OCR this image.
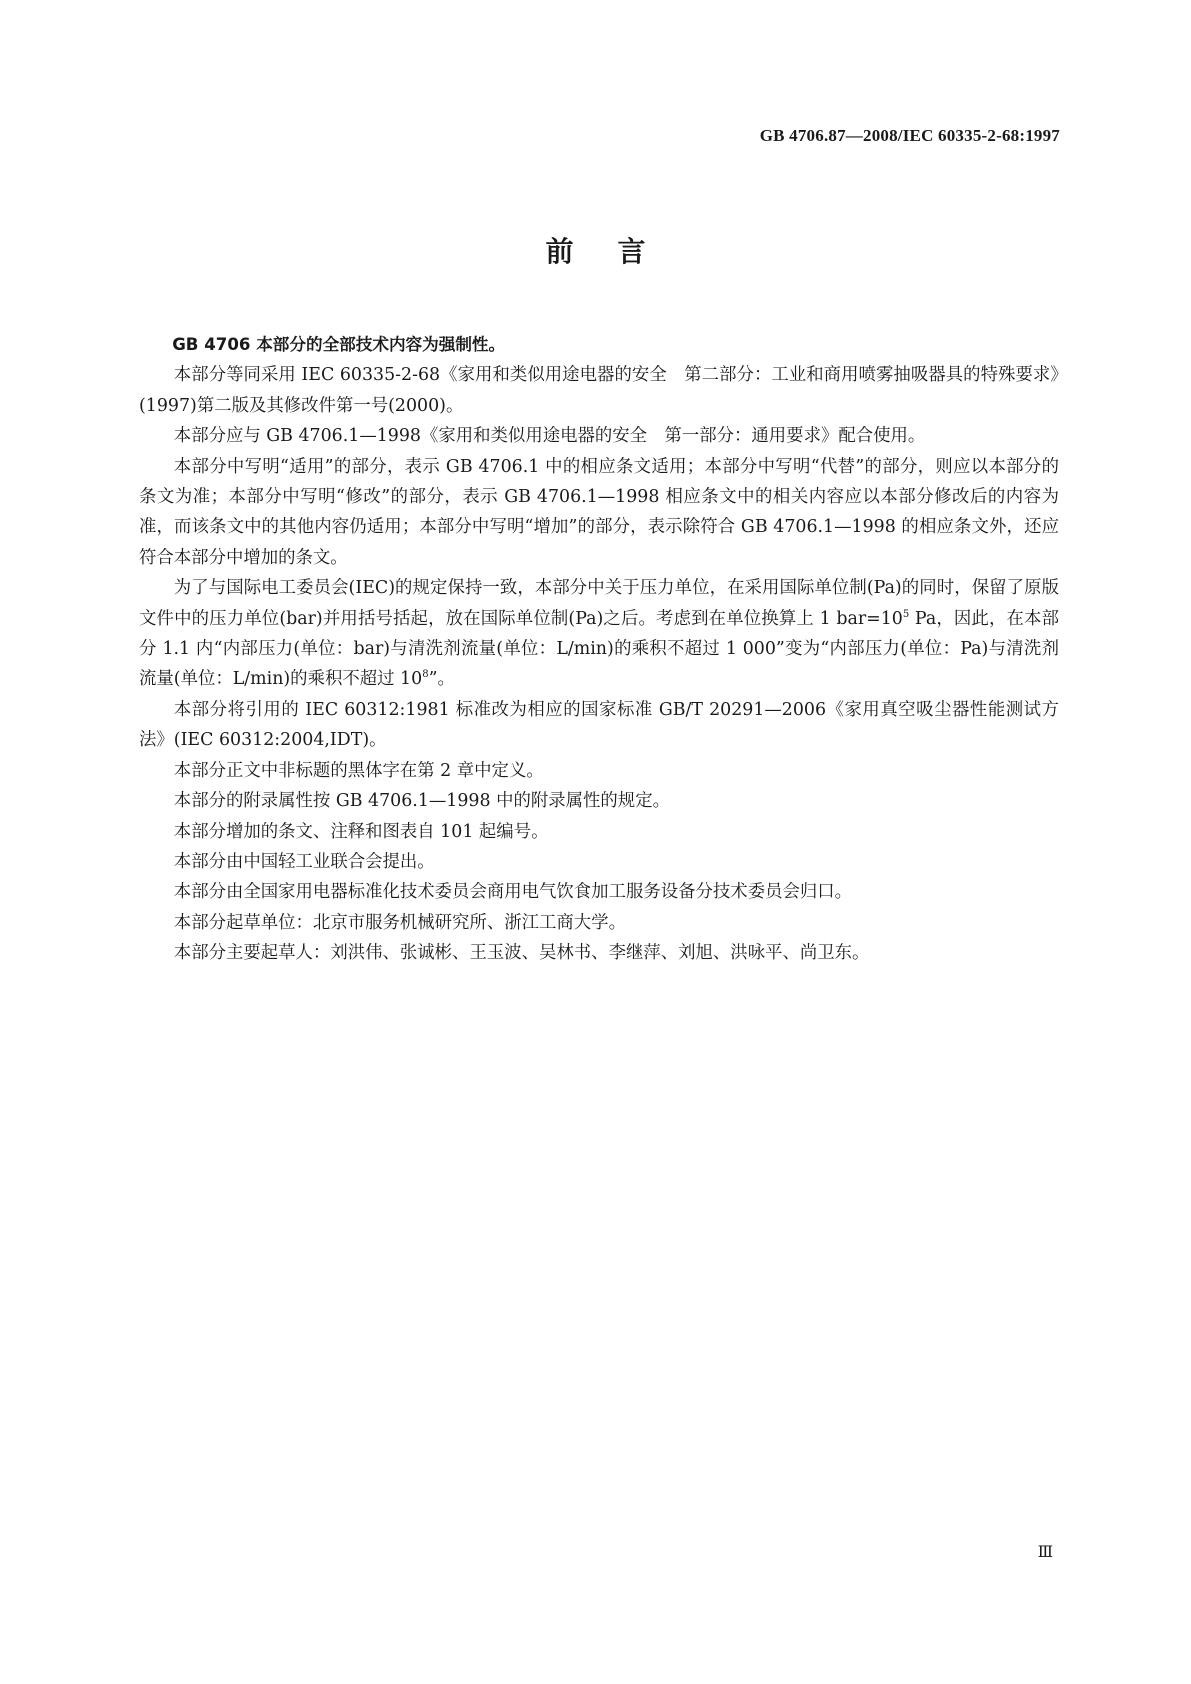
GB 4706.87—2008/IEC 60335-2-68:1997
前言

GB 4706 本部分的全部技术内容为强制性。

本部分等同采用 IEC 60335-2-68《家用和类似用途电器的安全　第二部分：工业和商用喷雾抽吸器具的特殊要求》(1997)第二版及其修改件第一号(2000)。

本部分应与 GB 4706.1—1998《家用和类似用途电器的安全　第一部分：通用要求》配合使用。

本部分中写明“适用”的部分，表示 GB 4706.1 中的相应条文适用；本部分中写明“代替”的部分，则应以本部分的条文为准；本部分中写明“修改”的部分，表示 GB 4706.1—1998 相应条文中的相关内容应以本部分修改后的内容为准，而该条文中的其他内容仍适用；本部分中写明“增加”的部分，表示除符合 GB 4706.1—1998 的相应条文外，还应符合本部分中增加的条文。

为了与国际电工委员会(IEC)的规定保持一致，本部分中关于压力单位，在采用国际单位制(Pa)的同时，保留了原版文件中的压力单位(bar)并用括号括起，放在国际单位制(Pa)之后。考虑到在单位换算上 1 $bar=10^5$ Pa，因此，在本部分 1.1 内“内部压力(单位：bar)与清洗剂流量(单位：L/min)的乘积不超过 1 000”变为“内部压力(单位：Pa)与清洗剂流量(单位：L/min)的乘积不超过 $10^8$”。

本部分将引用的 IEC 60312:1981 标准改为相应的国家标准 GB/T 20291—2006《家用真空吸尘器性能测试方法》(IEC 60312:2004,IDT)。

本部分正文中非标题的黑体字在第 2 章中定义。

本部分的附录属性按 GB 4706.1—1998 中的附录属性的规定。

本部分增加的条文、注释和图表自 101 起编号。

本部分由中国轻工业联合会提出。

本部分由全国家用电器标准化技术委员会商用电气饮食加工服务设备分技术委员会归口。

本部分起草单位：北京市服务机械研究所、浙江工商大学。

本部分主要起草人：刘洪伟、张诚彬、王玉波、吴林书、李继萍、刘旭、洪咏平、尚卫东。

Ⅲ
